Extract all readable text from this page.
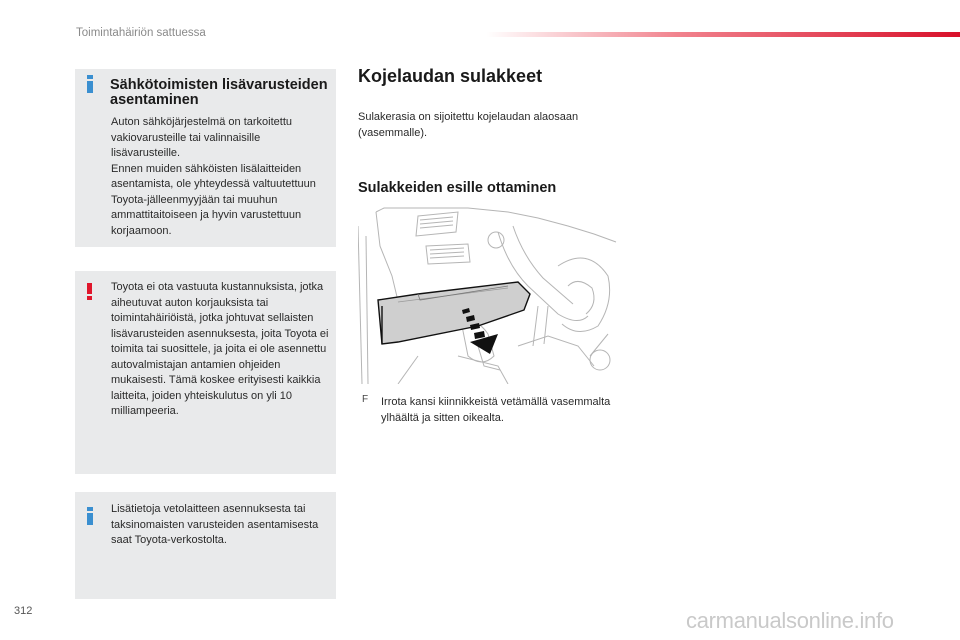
Toimintahäiriön sattuessa
Sähkötoimisten lisävarusteiden asentaminen

Auton sähköjärjestelmä on tarkoitettu vakiovarusteille tai valinnaisille lisävarusteille.

Ennen muiden sähköisten lisälaitteiden asentamista, ole yhteydessä valtuutettuun Toyota-jälleenmyyjään tai muuhun ammattitaitoiseen ja hyvin varustettuun korjaamoon.

Toyota ei ota vastuuta kustannuksista, jotka aiheutuvat auton korjauksista tai toimintahäiriöistä, jotka johtuvat sellaisten lisävarusteiden asennuksesta, joita Toyota ei toimita tai suosittele, ja joita ei ole asennettu autovalmistajan antamien ohjeiden mukaisesti. Tämä koskee erityisesti kaikkia laitteita, joiden yhteiskulutus on yli 10 milliampeeria.
Lisätietoja vetolaitteen asennuksesta tai taksinomaisten varusteiden asentamisesta saat Toyota-verkostolta.
Kojelaudan sulakkeet
Sulakerasia on sijoitettu kojelaudan alaosaan (vasemmalle).
Sulakkeiden esille ottaminen
F Irrota kansi kiinnikkeistä vetämällä vasemmalta ylhäältä ja sitten oikealta.
312	carmanualsonline.info
